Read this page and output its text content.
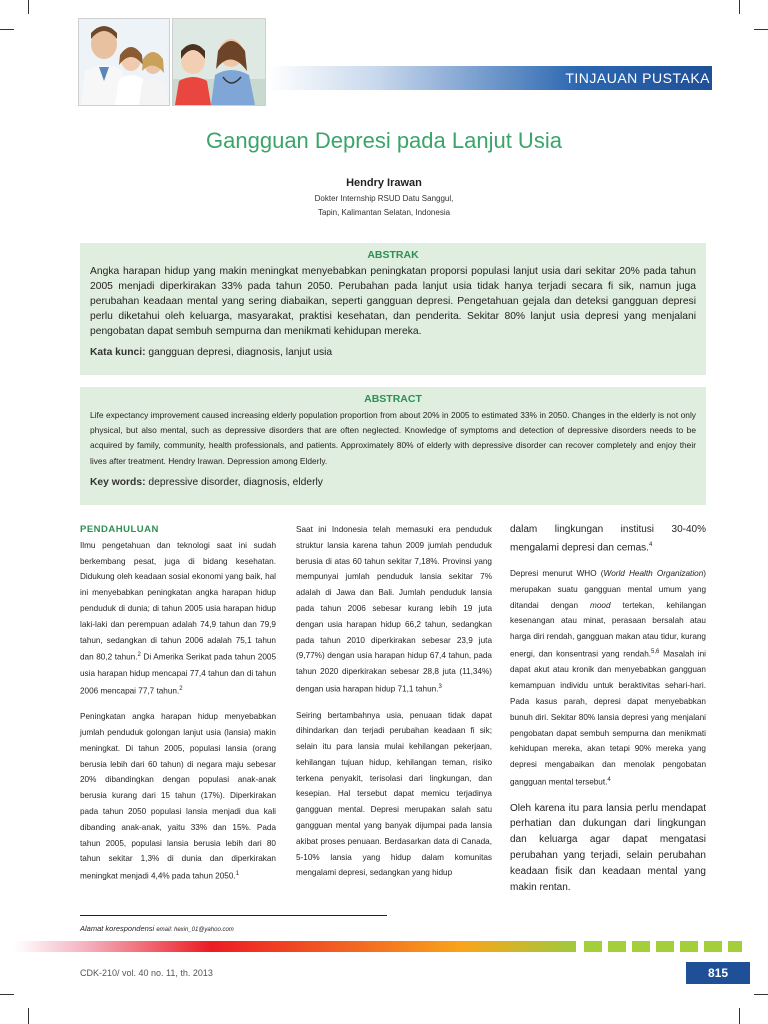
TINJAUAN PUSTAKA
Gangguan Depresi pada Lanjut Usia
Hendry Irawan
Dokter Internship RSUD Datu Sanggul,
Tapin, Kalimantan Selatan, Indonesia
ABSTRAK
Angka harapan hidup yang makin meningkat menyebabkan peningkatan proporsi populasi lanjut usia dari sekitar 20% pada tahun 2005 menjadi diperkirakan 33% pada tahun 2050. Perubahan pada lanjut usia tidak hanya terjadi secara fi sik, namun juga perubahan keadaan mental yang sering diabaikan, seperti gangguan depresi. Pengetahuan gejala dan deteksi gangguan depresi perlu diketahui oleh keluarga, masyarakat, praktisi kesehatan, dan penderita. Sekitar 80% lanjut usia depresi yang menjalani pengobatan dapat sembuh sempurna dan menikmati kehidupan mereka.
Kata kunci: gangguan depresi, diagnosis, lanjut usia
ABSTRACT
Life expectancy improvement caused increasing elderly population proportion from about 20% in 2005 to estimated 33% in 2050. Changes in the elderly is not only physical, but also mental, such as depressive disorders that are often neglected. Knowledge of symptoms and detection of depressive disorders needs to be acquired by family, community, health professionals, and patients. Approximately 80% of elderly with depressive disorder can recover completely and enjoy their lives after treatment. Hendry Irawan. Depression among Elderly.
Key words: depressive disorder, diagnosis, elderly
PENDAHULUAN

Ilmu pengetahuan dan teknologi saat ini sudah berkembang pesat, juga di bidang kesehatan. Didukung oleh keadaan sosial ekonomi yang baik, hal ini menyebabkan peningkatan angka harapan hidup penduduk di dunia; di tahun 2005 usia harapan hidup laki-laki dan perempuan adalah 74,9 tahun dan 79,9 tahun, sedangkan di tahun 2006 adalah 75,1 tahun dan 80,2 tahun.$^2$ Di Amerika Serikat pada tahun 2005 usia harapan hidup mencapai 77,4 tahun dan di tahun 2006 mencapai 77,7 tahun.$^2$

Peningkatan angka harapan hidup menyebabkan jumlah penduduk golongan lanjut usia (lansia) makin meningkat. Di tahun 2005, populasi lansia (orang berusia lebih dari 60 tahun) di negara maju sebesar 20% dibandingkan dengan populasi anak-anak berusia kurang dari 15 tahun (17%). Diperkirakan pada tahun 2050 populasi lansia menjadi dua kali dibanding anak-anak, yaitu 33% dan 15%. Pada tahun 2005, populasi lansia berusia lebih dari 80 tahun sekitar 1,3% di dunia dan diperkirakan meningkat menjadi 4,4% pada tahun 2050.$^1$

Saat ini Indonesia telah memasuki era penduduk struktur lansia karena tahun 2009 jumlah penduduk berusia di atas 60 tahun sekitar 7,18%. Provinsi yang mempunyai jumlah penduduk lansia sekitar 7% adalah di Jawa dan Bali. Jumlah penduduk lansia pada tahun 2006 sebesar kurang lebih 19 juta dengan usia harapan hidup 66,2 tahun, sedangkan pada tahun 2010 diperkirakan sebesar 23,9 juta (9,77%) dengan usia harapan hidup 67,4 tahun, pada tahun 2020 diperkirakan sebesar 28,8 juta (11,34%) dengan usia harapan hidup 71,1 tahun.$^3$

Seiring bertambahnya usia, penuaan tidak dapat dihindarkan dan terjadi perubahan keadaan fi sik; selain itu para lansia mulai kehilangan pekerjaan, kehilangan tujuan hidup, kehilangan teman, risiko terkena penyakit, terisolasi dari lingkungan, dan kesepian. Hal tersebut dapat memicu terjadinya gangguan mental. Depresi merupakan salah satu gangguan mental yang banyak dijumpai pada lansia akibat proses penuaan. Berdasarkan data di Canada, 5-10% lansia yang hidup dalam komunitas mengalami depresi, sedangkan yang hidup

dalam lingkungan institusi 30-40% mengalami depresi dan cemas.$^4$

Depresi menurut WHO (World Health Organization) merupakan suatu gangguan mental umum yang ditandai dengan mood tertekan, kehilangan kesenangan atau minat, perasaan bersalah atau harga diri rendah, gangguan makan atau tidur, kurang energi, dan konsentrasi yang rendah.$^{5,6}$ Masalah ini dapat akut atau kronik dan menyebabkan gangguan kemampuan individu untuk beraktivitas sehari-hari. Pada kasus parah, depresi dapat menyebabkan bunuh diri. Sekitar 80% lansia depresi yang menjalani pengobatan dapat sembuh sempurna dan menikmati kehidupan mereka, akan tetapi 90% mereka yang depresi mengabaikan dan menolak pengobatan gangguan mental tersebut.$^4$

Oleh karena itu para lansia perlu mendapat perhatian dan dukungan dari lingkungan dan keluarga agar dapat mengatasi perubahan yang terjadi, selain perubahan keadaan fisik dan keadaan mental yang makin rentan.

Alamat korespondensi email: hexin_01@yahoo.com
CDK-210/ vol. 40 no. 11, th. 2013	815
